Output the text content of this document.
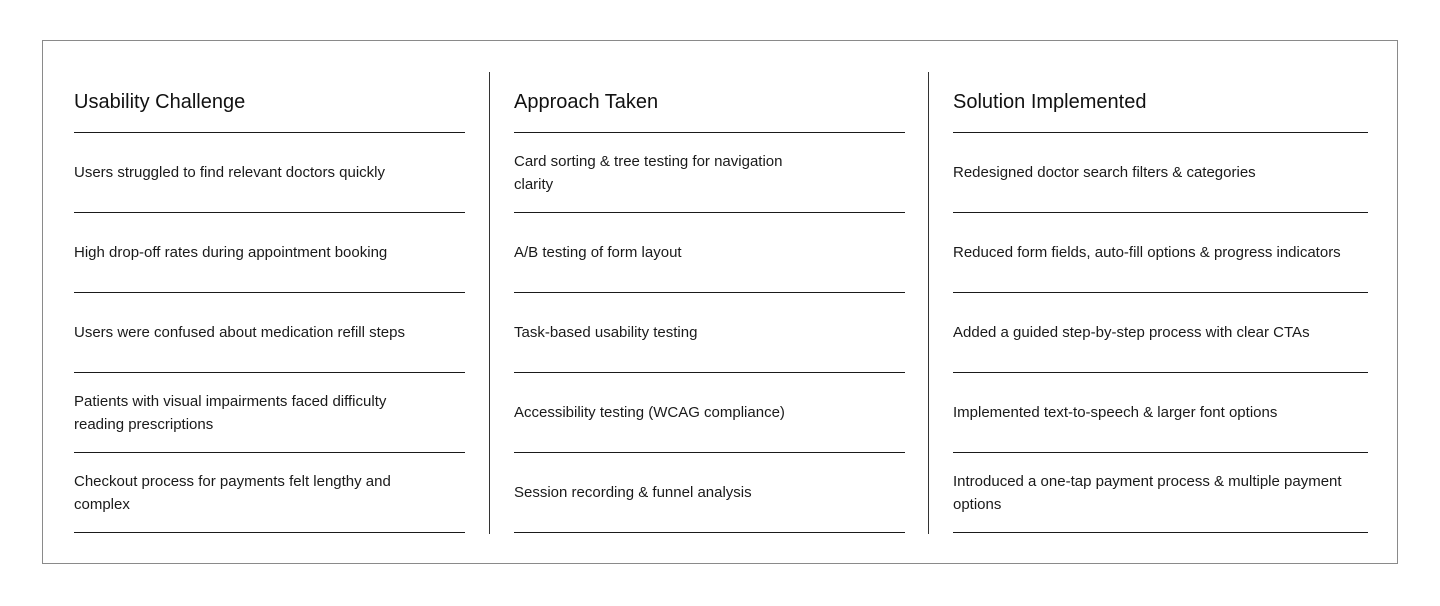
Usability Challenge
Users struggled to find relevant doctors quickly
High drop-off rates during appointment booking
Users were confused about medication refill steps
Patients with visual impairments faced difficulty reading prescriptions
Checkout process for payments felt lengthy and complex
Approach Taken
Card sorting & tree testing for navigation clarity
A/B testing of form layout
Task-based usability testing
Accessibility testing (WCAG compliance)
Session recording & funnel analysis
Solution Implemented
Redesigned doctor search filters & categories
Reduced form fields, auto-fill options & progress indicators
Added a guided step-by-step process with clear CTAs
Implemented text-to-speech & larger font options
Introduced a one-tap payment process & multiple payment options
